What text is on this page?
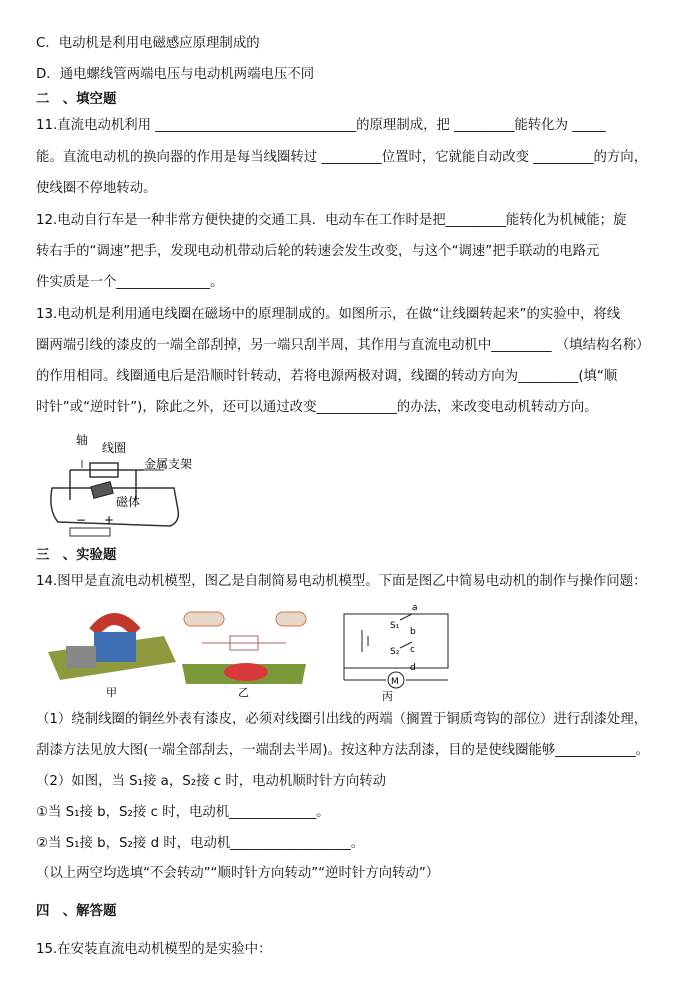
C．电动机是利用电磁感应原理制成的
D．通电螺线管两端电压与电动机两端电压不同
二　、填空题
11.直流电动机利用 ______________________________的原理制成，把 _________能转化为 _____
能。直流电动机的换向器的作用是每当线圈转过 _________位置时，它就能自动改变 _________的方向，
使线圈不停地转动。
12.电动自行车是一种非常方便快捷的交通工具．电动车在工作时是把_________能转化为机械能；旋
转右手的“调速”把手，发现电动机带动后轮的转速会发生改变，与这个“调速”把手联动的电路元
件实质是一个______________。
13.电动机是利用通电线圈在磁场中的原理制成的。如图所示，在做“让线圈转起来”的实验中，将线
圈两端引线的漆皮的一端全部刮掉，另一端只刮半周，其作用与直流电动机中_________ （填结构名称）
的作用相同。线圈通电后是沿顺时针转动，若将电源两极对调，线圈的转动方向为_________(填“顺
时针”或“逆时针”)，除此之外，还可以通过改变____________的办法，来改变电动机转动方向。
轴
线圈
金属支架
磁体
− +
三　、实验题
14.图甲是直流电动机模型，图乙是自制简易电动机模型。下面是图乙中简易电动机的制作与操作问题：
甲	乙
a
b
c
d
S₁
S₂
M
丙
（1）绕制线圈的铜丝外表有漆皮，必须对线圈引出线的两端（搁置于铜质弯钩的部位）进行刮漆处理，
刮漆方法见放大图(一端全部刮去，一端刮去半周)。按这种方法刮漆，目的是使线圈能够____________。
（2）如图，当 S₁接 a，S₂接 c 时，电动机顺时针方向转动
①当 S₁接 b，S₂接 c 时，电动机_____________。
②当 S₁接 b，S₂接 d 时，电动机__________________。
（以上两空均选填“不会转动”“顺时针方向转动”“逆时针方向转动”）
四　、解答题
15.在安装直流电动机模型的是实验中：
